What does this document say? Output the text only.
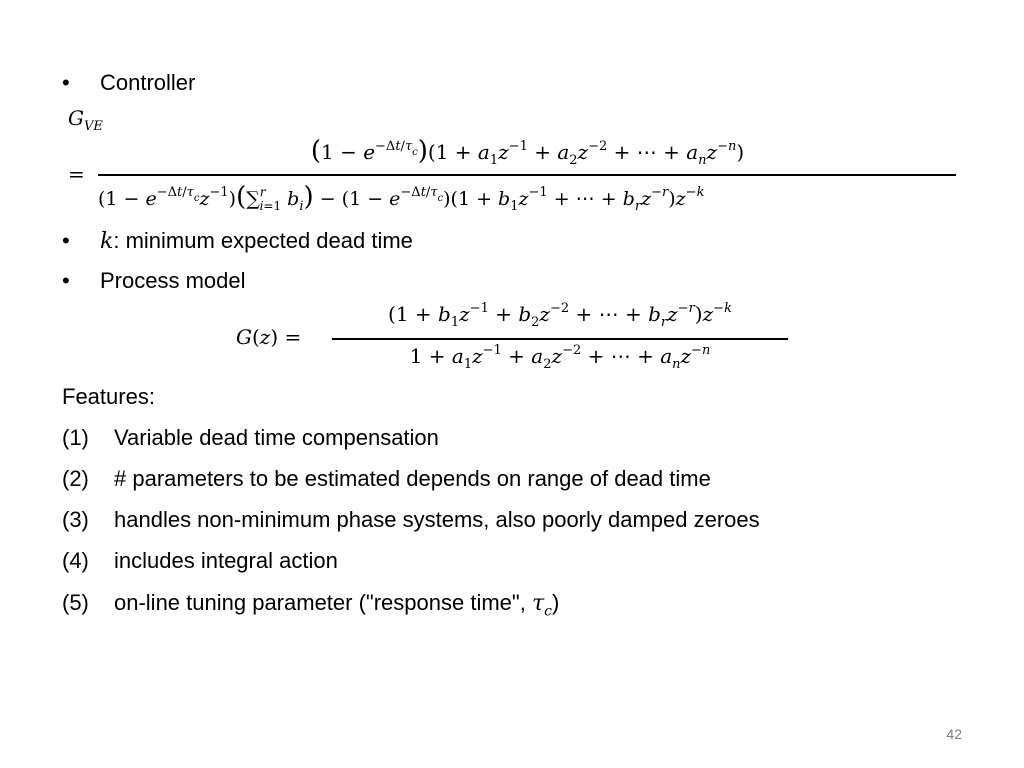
• Controller
$G_{VE}$
=
$(1 - e^{-\Delta t/\tau_c})(1 + a_1z^{-1} + a_2z^{-2}$ + ⋯ + $a_nz^{-n}$)
$(1 - e^{-\Delta t/\tau_c}z^{-1})(\sum^r_{i=1}$ $b_i) - (1 - e^{-\Delta t/\tau_c})(1 + b_1z^{-1}$ + ⋯ + $b_rz^{-r})z^{-k}$
• k: minimum expected dead time
• Process model
G(z) =
($1 + b_1z^{-1} + b_2z^{-2}$ + ⋯ + $b_rz^{-r})z^{-k}$
$1 + a_1z^{-1} + a_2z^{-2}$ + ⋯ + $a_nz^{-n}$
Features:
(1) Variable dead time compensation
(2) # parameters to be estimated depends on range of dead time
(3) handles non-minimum phase systems, also poorly damped zeroes
(4) includes integral action
(5) on-line tuning parameter ("response time", $\tau_c$)
42
